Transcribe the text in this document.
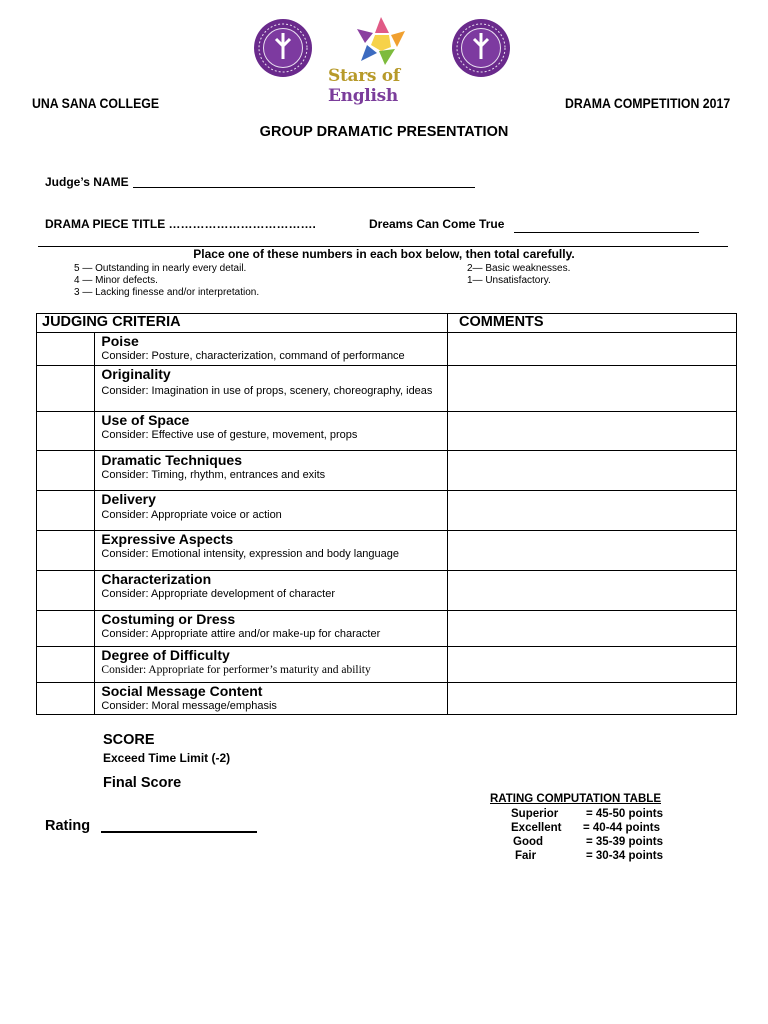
Stars of English
UNA SANA COLLEGE	DRAMA COMPETITION 2017
GROUP DRAMATIC PRESENTATION
Judge’s NAME
DRAMA PIECE TITLE ……………………………….	Dreams Can Come True
Place one of these numbers in each box below, then total carefully.
5 — Outstanding in nearly every detail.
4 — Minor defects.
3 — Lacking finesse and/or interpretation.
2— Basic weaknesses.
1— Unsatisfactory.
JUDGING CRITERIA		COMMENTS

	Poise
Consider: Posture, characterization, command of performance	

	Originality
Consider: Imagination in use of props, scenery, choreography, ideas	

	Use of Space
Consider: Effective use of gesture, movement, props	

	Dramatic Techniques
Consider: Timing, rhythm, entrances and exits	

	Delivery
Consider: Appropriate voice or action	

	Expressive Aspects
Consider: Emotional intensity, expression and body language	

	Characterization
Consider: Appropriate development of character	

	Costuming or Dress
Consider: Appropriate attire and/or make-up for character	

	Degree of Difficulty
Consider: Appropriate for performer’s maturity and ability	

	Social Message Content
Consider: Moral message/emphasis	

SCORE
Exceed Time Limit (-2)
Final Score
Rating
RATING COMPUTATION TABLE
Superior = 45-50 points
Excellent = 40-44 points
Good	= 35-39 points
Fair	= 30-34 points
